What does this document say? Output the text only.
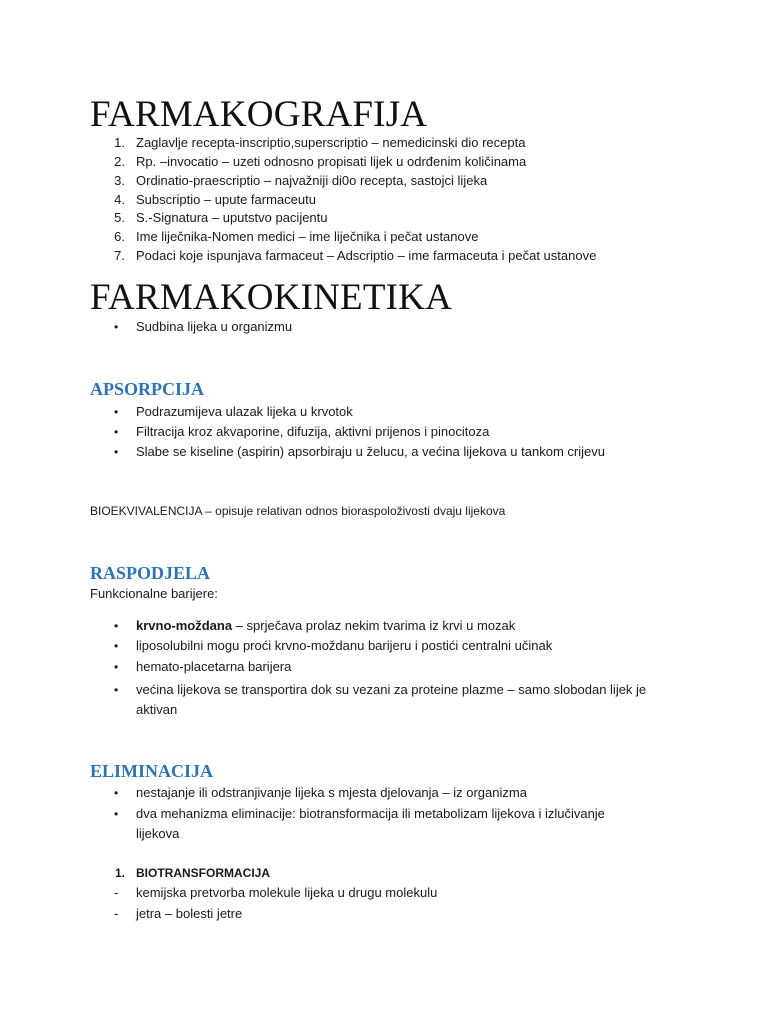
FARMAKOGRAFIJA
1. Zaglavlje recepta-inscriptio,superscriptio – nemedicinski dio recepta
2. Rp. –invocatio – uzeti odnosno propisati lijek u odrđenim količinama
3. Ordinatio-praescriptio – najvažniji di0o recepta, sastojci lijeka
4. Subscriptio – upute farmaceutu
5. S.-Signatura – uputstvo pacijentu
6. Ime liječnika-Nomen medici – ime liječnika i pečat ustanove
7. Podaci koje ispunjava farmaceut – Adscriptio – ime farmaceuta i pečat ustanove
FARMAKOKINETIKA
• Sudbina lijeka u organizmu
APSORPCIJA
• Podrazumijeva ulazak lijeka u krvotok
• Filtracija kroz akvaporine, difuzija, aktivni prijenos i pinocitoza
• Slabe se kiseline (aspirin) apsorbiraju u želucu, a većina lijekova u tankom crijevu
BIOEKVIVALENCIJA – opisuje relativan odnos bioraspoloživosti dvaju lijekova
RASPODJELA
Funkcionalne barijere:
• krvno-moždana – sprječava prolaz nekim tvarima iz krvi u mozak
• liposolubilni mogu proći krvno-moždanu barijeru i postići centralni učinak
• hemato-placetarna barijera
• većina lijekova se transportira dok su vezani za proteine plazme – samo slobodan lijek je
aktivan
ELIMINACIJA
• nestajanje ili odstranjivanje lijeka s mjesta djelovanja – iz organizma
• dva mehanizma eliminacije: biotransformacija ili metabolizam lijekova i izlučivanje
lijekova
1. BIOTRANSFORMACIJA
- kemijska pretvorba molekule lijeka u drugu molekulu
- jetra – bolesti jetre
